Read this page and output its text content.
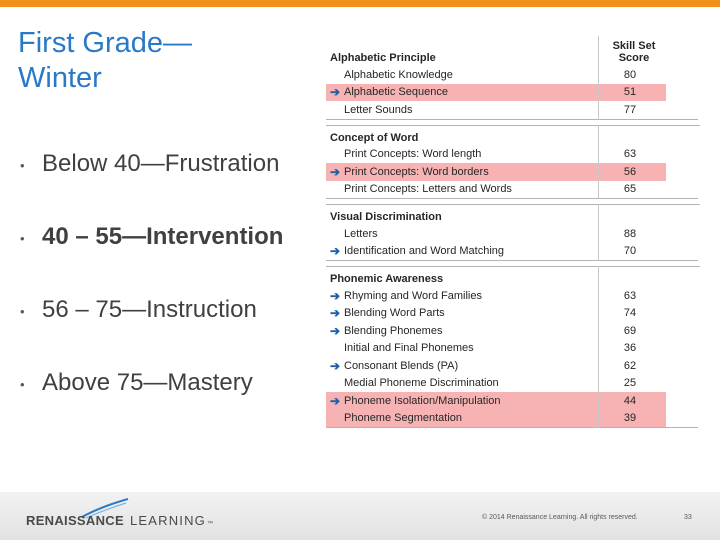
First Grade—
Winter
• Below 40—Frustration
• 40 – 55—Intervention
• 56 – 75—Instruction
• Above 75—Mastery
Alphabetic Principle
Skill Set
Score
Alphabetic Knowledge	80
➔ Alphabetic Sequence	51
Letter Sounds	77
Concept of Word
Print Concepts: Word length	63
➔ Print Concepts: Word borders	56
Print Concepts: Letters and Words	65
Visual Discrimination
Letters	88
➔ Identification and Word Matching	70
Phonemic Awareness
➔ Rhyming and Word Families	63
➔ Blending Word Parts	74
➔ Blending Phonemes	69
Initial and Final Phonemes	36
➔ Consonant Blends (PA)	62
Medial Phoneme Discrimination	25
➔ Phoneme Isolation/Manipulation	44
Phoneme Segmentation	39
RENAISSANCE LEARNING ™
© 2014 Renaissance Learning. All rights reserved.	33
